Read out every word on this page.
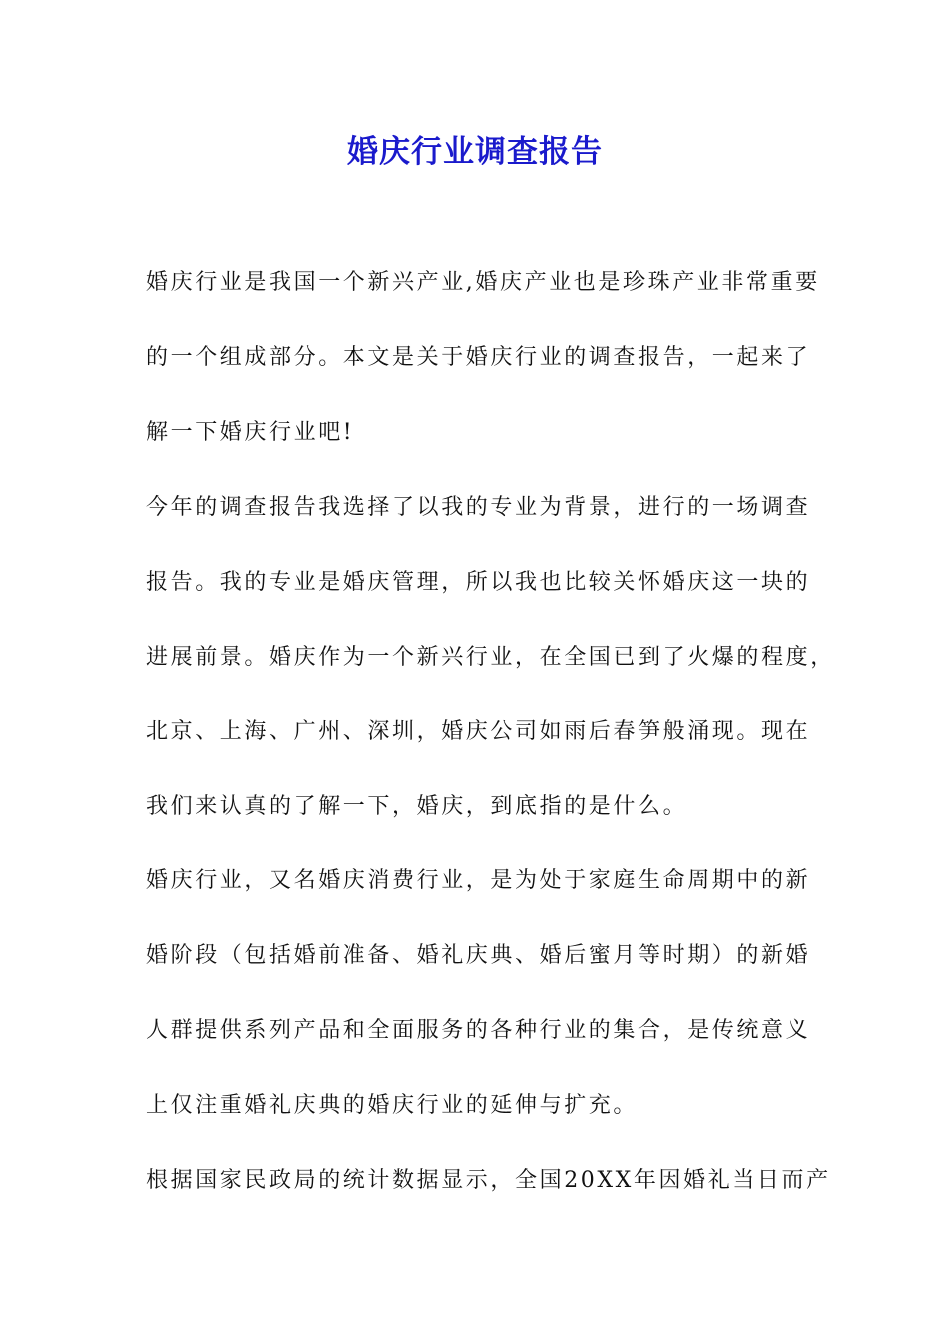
婚庆行业调查报告
婚庆行业是我国一个新兴产业,婚庆产业也是珍珠产业非常重要
的一个组成部分。本文是关于婚庆行业的调查报告，一起来了
解一下婚庆行业吧!
今年的调查报告我选择了以我的专业为背景，进行的一场调查
报告。我的专业是婚庆管理，所以我也比较关怀婚庆这一块的
进展前景。婚庆作为一个新兴行业，在全国已到了火爆的程度，
北京、上海、广州、深圳，婚庆公司如雨后春笋般涌现。现在
我们来认真的了解一下，婚庆，到底指的是什么。
婚庆行业，又名婚庆消费行业，是为处于家庭生命周期中的新
婚阶段（包括婚前准备、婚礼庆典、婚后蜜月等时期）的新婚
人群提供系列产品和全面服务的各种行业的集合，是传统意义
上仅注重婚礼庆典的婚庆行业的延伸与扩充。
根据国家民政局的统计数据显示，全国20XX年因婚礼当日而产
